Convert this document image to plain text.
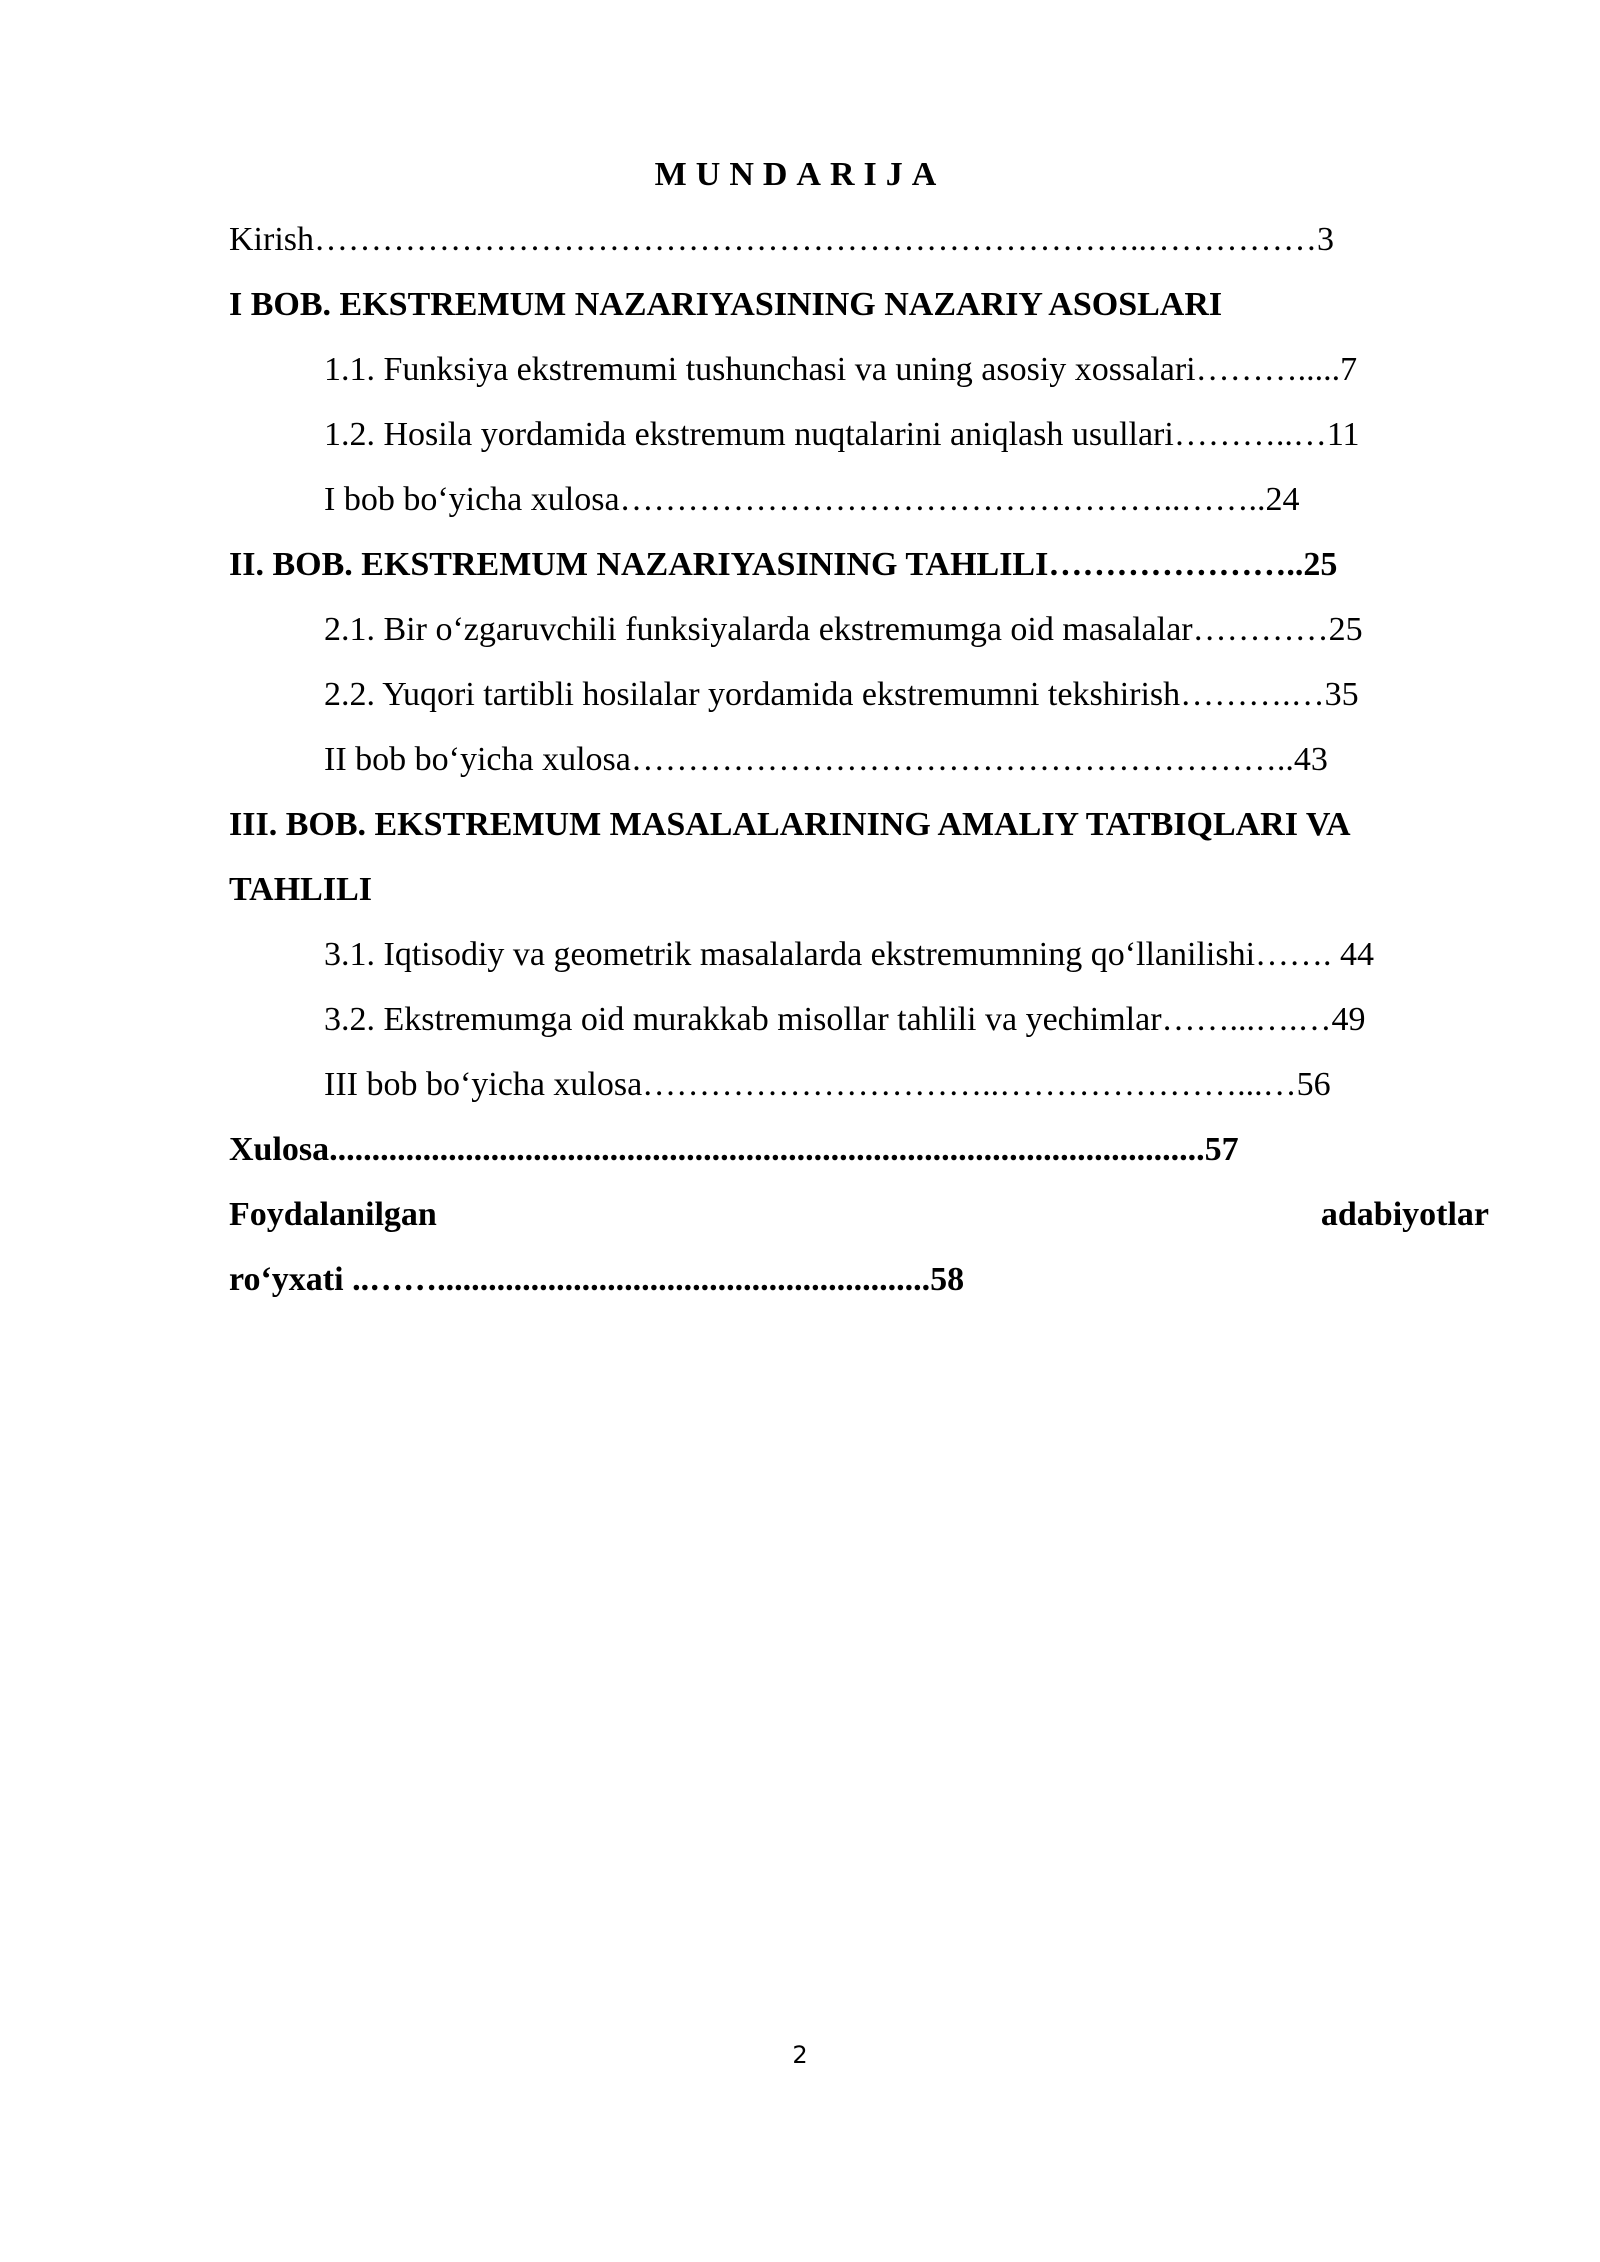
MUNDARIJA
Kirish………………………………………………………………..……………3
I BOB. EKSTREMUM NAZARIYASINING NAZARIY ASOSLARI
1.1. Funksiya ekstremumi tushunchasi va uning asosiy xossalari……….....7
1.2. Hosila yordamida ekstremum nuqtalarini aniqlash usullari………..…11
I bob bo‘yicha xulosa…………………………………………..……..24
II. BOB. EKSTREMUM NAZARIYASINING TAHLILI…………………..25
2.1. Bir o‘zgaruvchili funksiyalarda ekstremumga oid masalalar…………25
2.2. Yuqori tartibli hosilalar yordamida ekstremumni tekshirish……….…35
II bob bo‘yicha xulosa…………………………………………………..43
III. BOB. EKSTREMUM MASALALARINING AMALIY TATBIQLARI VA
TAHLILI
3.1. Iqtisodiy va geometrik masalalarda ekstremumning qo‘llanilishi……. 44
3.2. Ekstremumga oid murakkab misollar tahlili va yechimlar……...….…49
III bob bo‘yicha xulosa…………………………..…………………...…56
Xulosa.......................................................................................................57
Foydalanilgan	adabiyotlar
ro‘yxati ..……..........................................................58
2
